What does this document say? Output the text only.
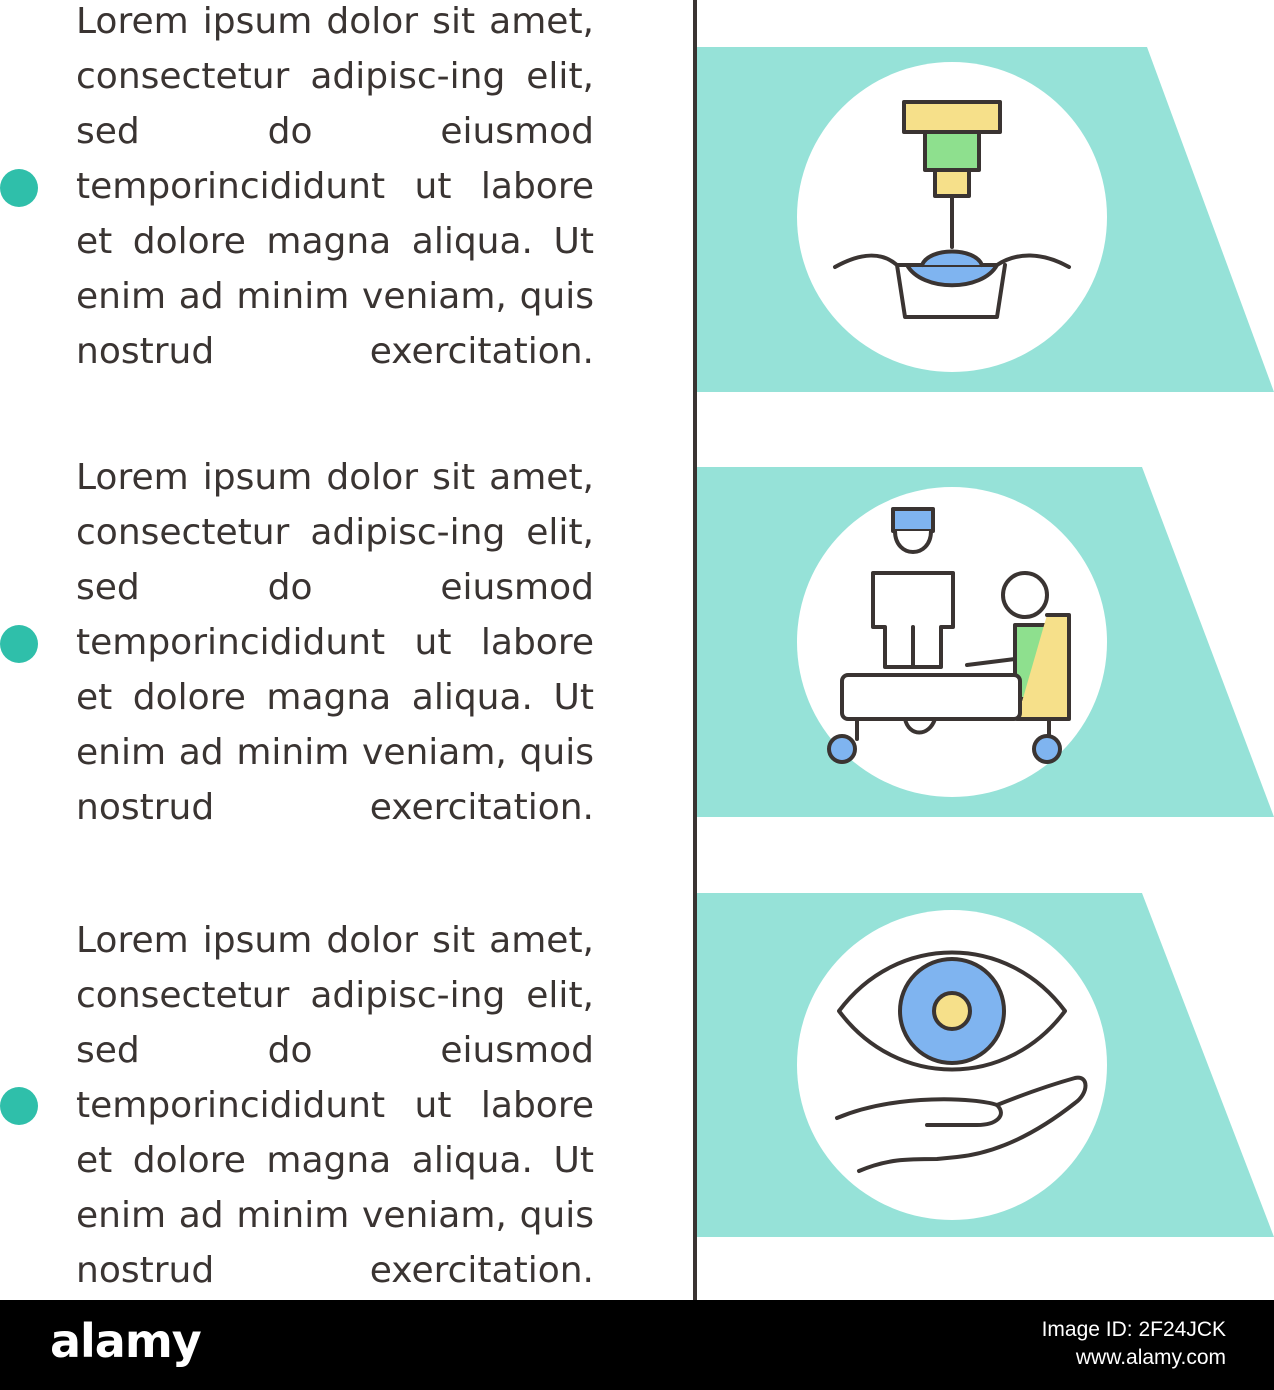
Lorem ipsum dolor sit amet, consectetur adipisc-ing elit, sed do eiusmod temporincididunt ut labore et dolore magna aliqua. Ut enim ad minim veniam, quis nostrud exercitation.

Lorem ipsum dolor sit amet, consectetur adipisc-ing elit, sed do eiusmod temporincididunt ut labore et dolore magna aliqua. Ut enim ad minim veniam, quis nostrud exercitation.

Lorem ipsum dolor sit amet, consectetur adipisc-ing elit, sed do eiusmod temporincididunt ut labore et dolore magna aliqua. Ut enim ad minim veniam, quis nostrud exercitation.

alamy	Image ID: 2F24JCK
www.alamy.com
